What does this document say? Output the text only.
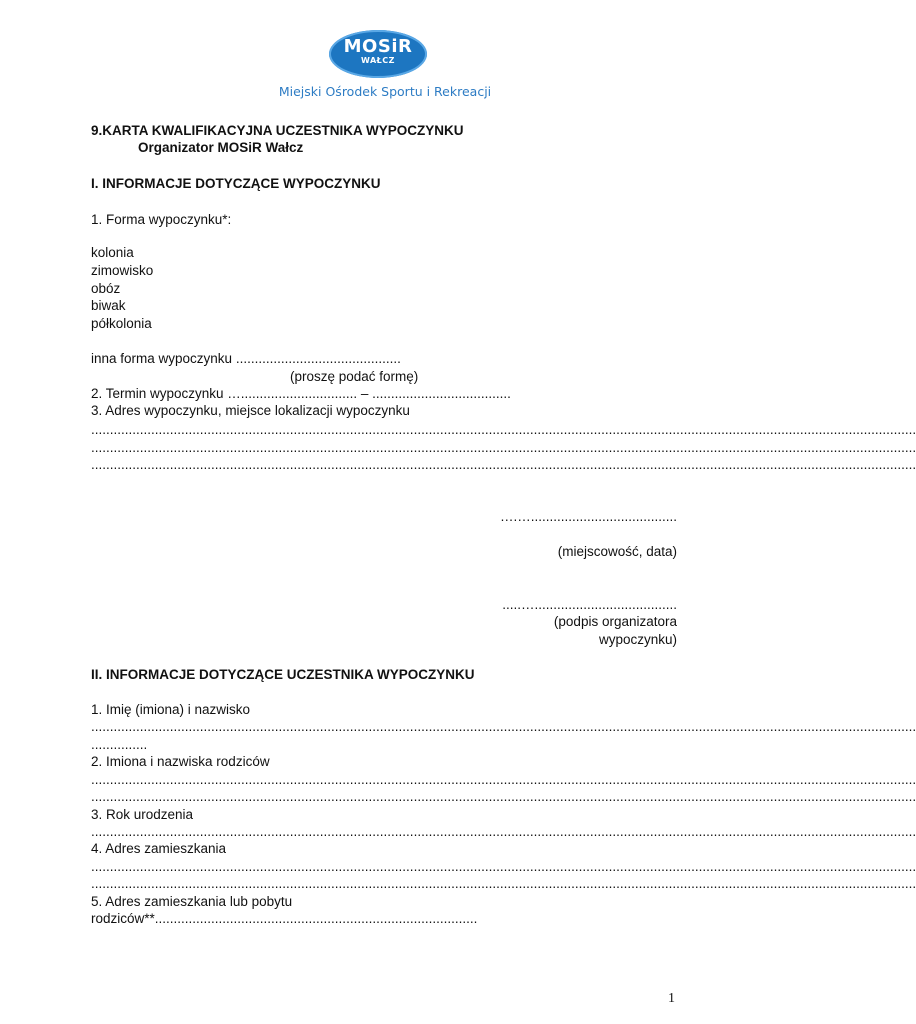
MOSiR
WAŁCZ
Miejski Ośrodek Sportu i Rekreacji
9.KARTA KWALIFIKACYJNA UCZESTNIKA WYPOCZYNKU
Organizator MOSiR Wałcz
I. INFORMACJE DOTYCZĄCE WYPOCZYNKU
1. Forma wypoczynku*:
kolonia
zimowisko
obóz
biwak
półkolonia
inna forma wypoczynku ............................................
(proszę podać formę)
2. Termin wypoczynku …............................... – .....................................
3. Adres wypoczynku, miejsce lokalizacji wypoczynku
............................................................................................................................................................................................................................
............................................................................................................................................................................................................................
............................................................................................................................................................................................................................
….….......................................
(miejscowość, data)
.....…......................................
(podpis organizatora
wypoczynku)
II. INFORMACJE DOTYCZĄCE UCZESTNIKA WYPOCZYNKU
1. Imię (imiona) i nazwisko
............................................................................................................................................................................................................................
...............
2. Imiona i nazwiska rodziców
............................................................................................................................................................................................................................
............................................................................................................................................................................................................................
3. Rok urodzenia
............................................................................................................................................................................................................................
4. Adres zamieszkania
............................................................................................................................................................................................................................
............................................................................................................................................................................................................................
5. Adres zamieszkania lub pobytu
rodziców**......................................................................................
1
